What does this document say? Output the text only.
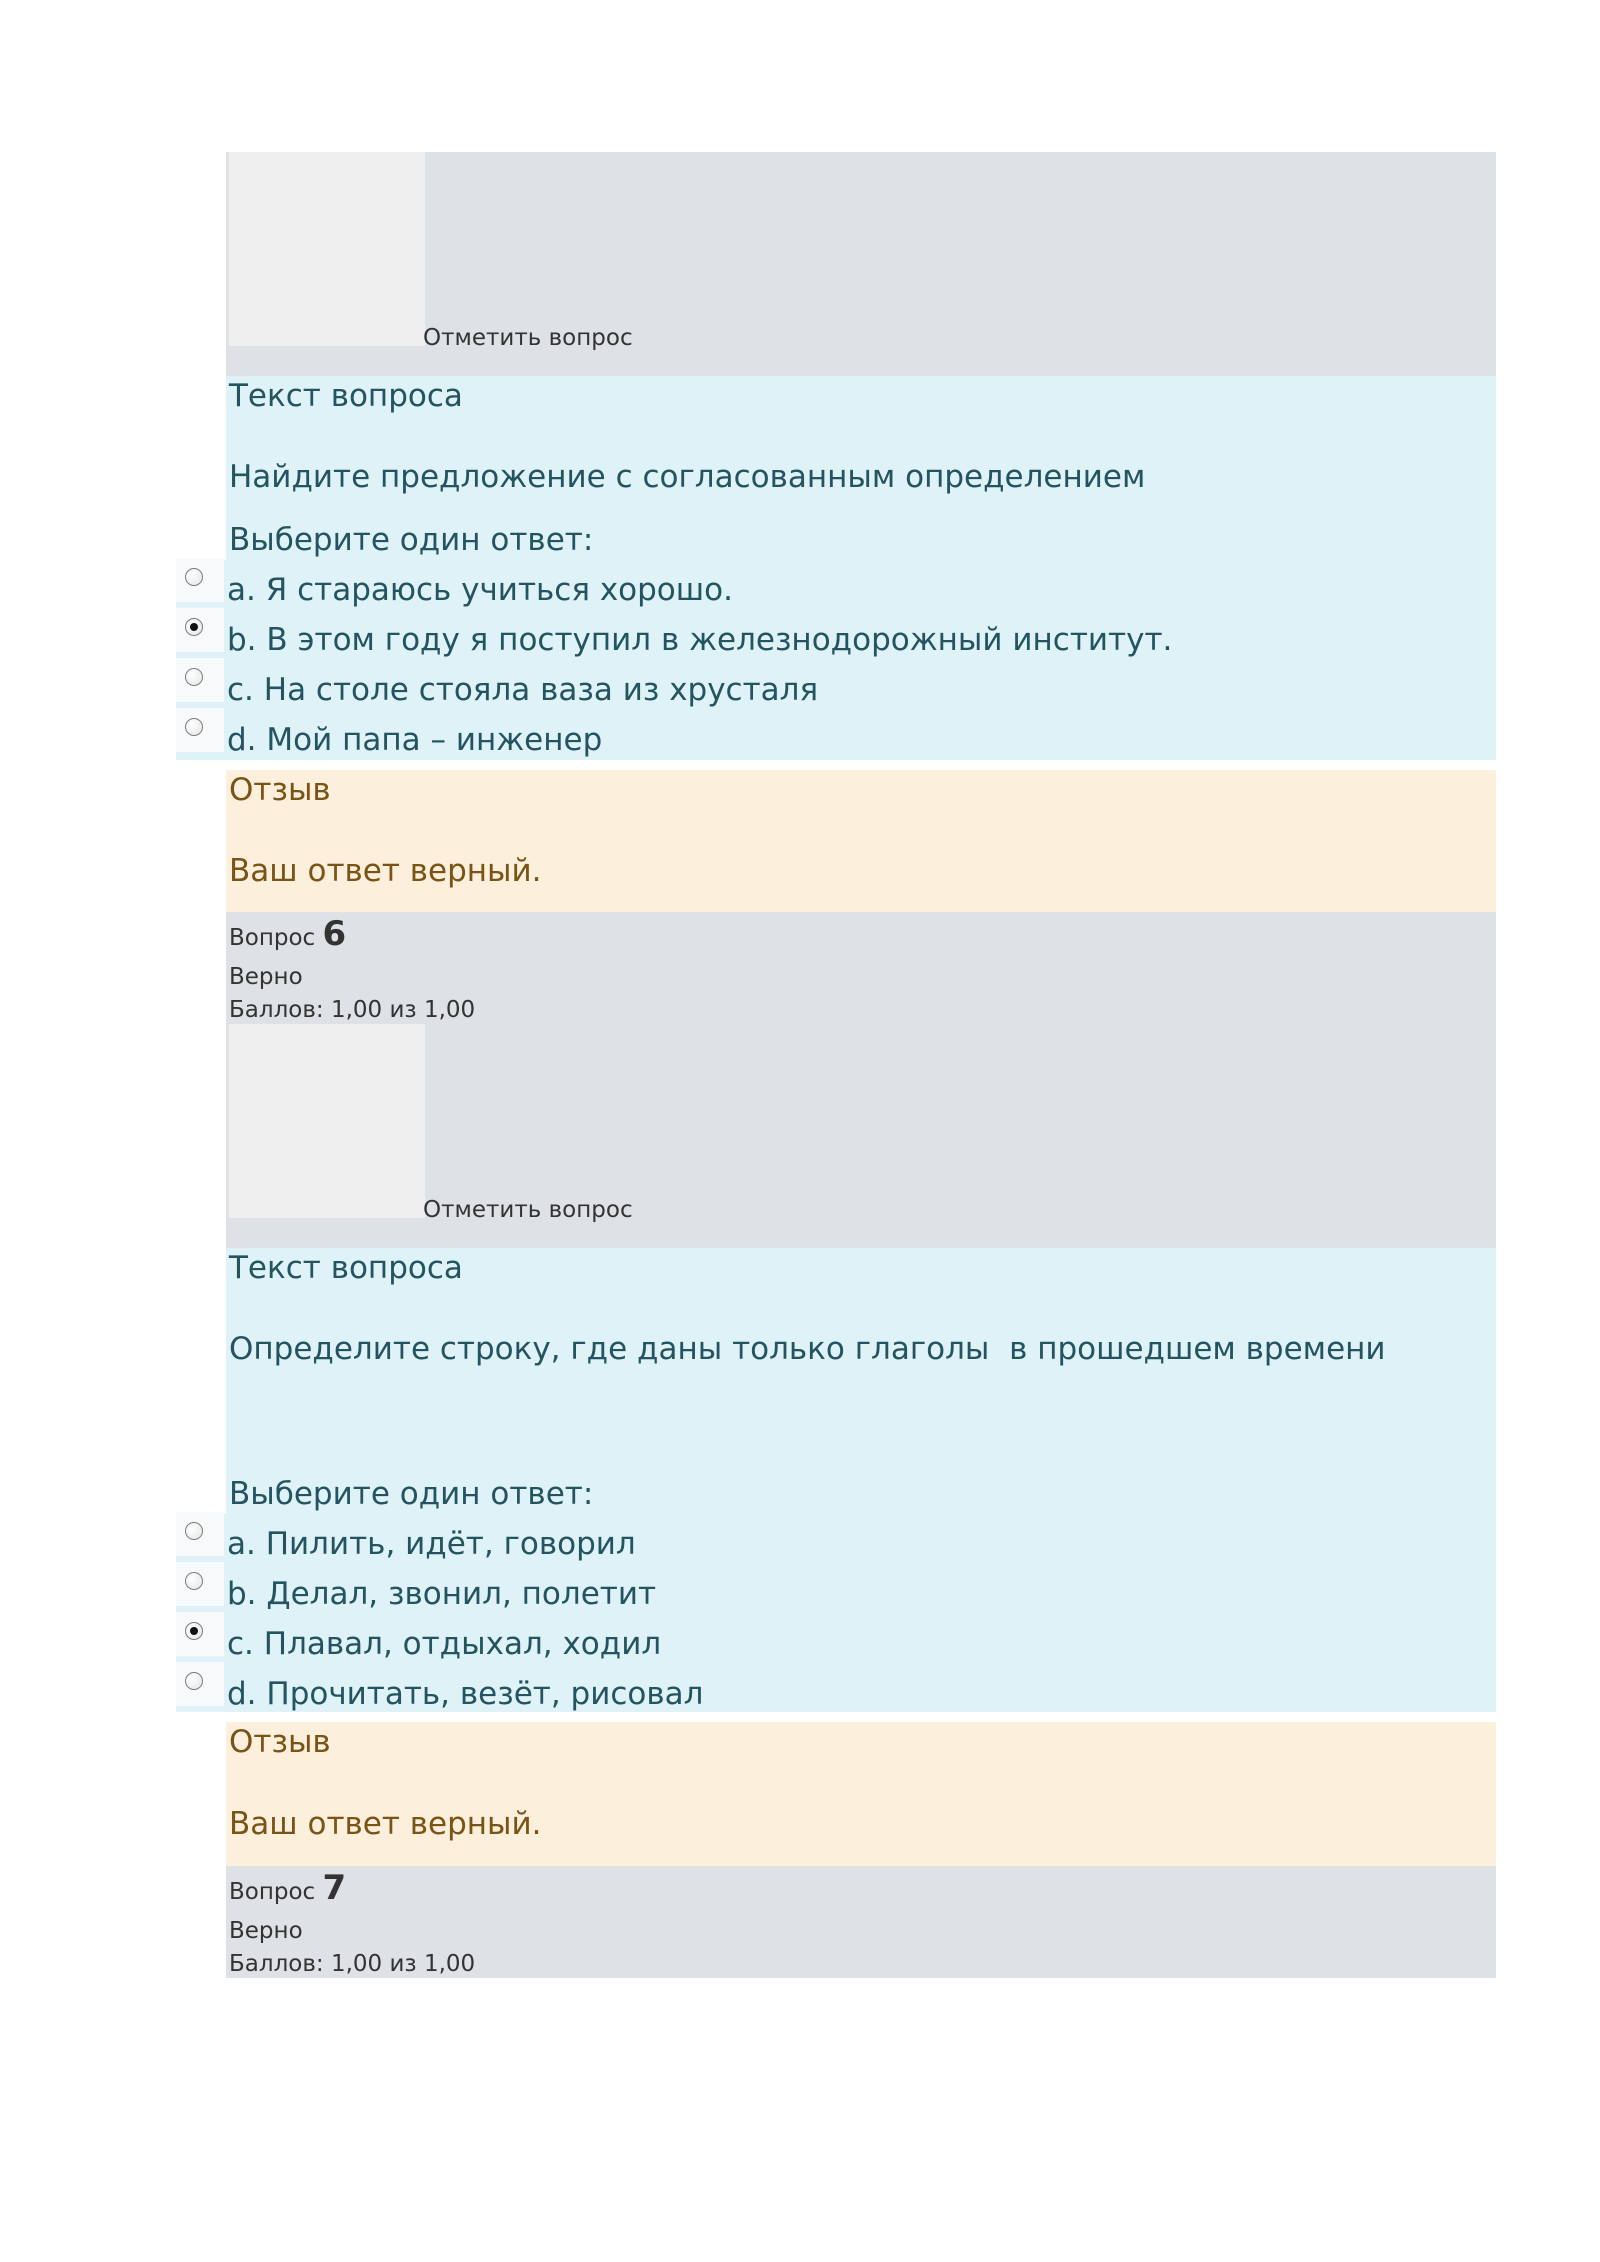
Отметить вопрос
Текст вопроса
Найдите предложение с согласованным определением
Выберите один ответ:
a. Я стараюсь учиться хорошо.
b. В этом году я поступил в железнодорожный институт.
c. На столе стояла ваза из хрусталя
d. Мой папа – инженер
Отзыв
Ваш ответ верный.
Вопрос 6
Верно
Баллов: 1,00 из 1,00
Отметить вопрос
Текст вопроса
Определите строку, где даны только глаголы  в прошедшем времени
Выберите один ответ:
a. Пилить, идёт, говорил
b. Делал, звонил, полетит
c. Плавал, отдыхал, ходил
d. Прочитать, везёт, рисовал
Отзыв
Ваш ответ верный.
Вопрос 7
Верно
Баллов: 1,00 из 1,00
